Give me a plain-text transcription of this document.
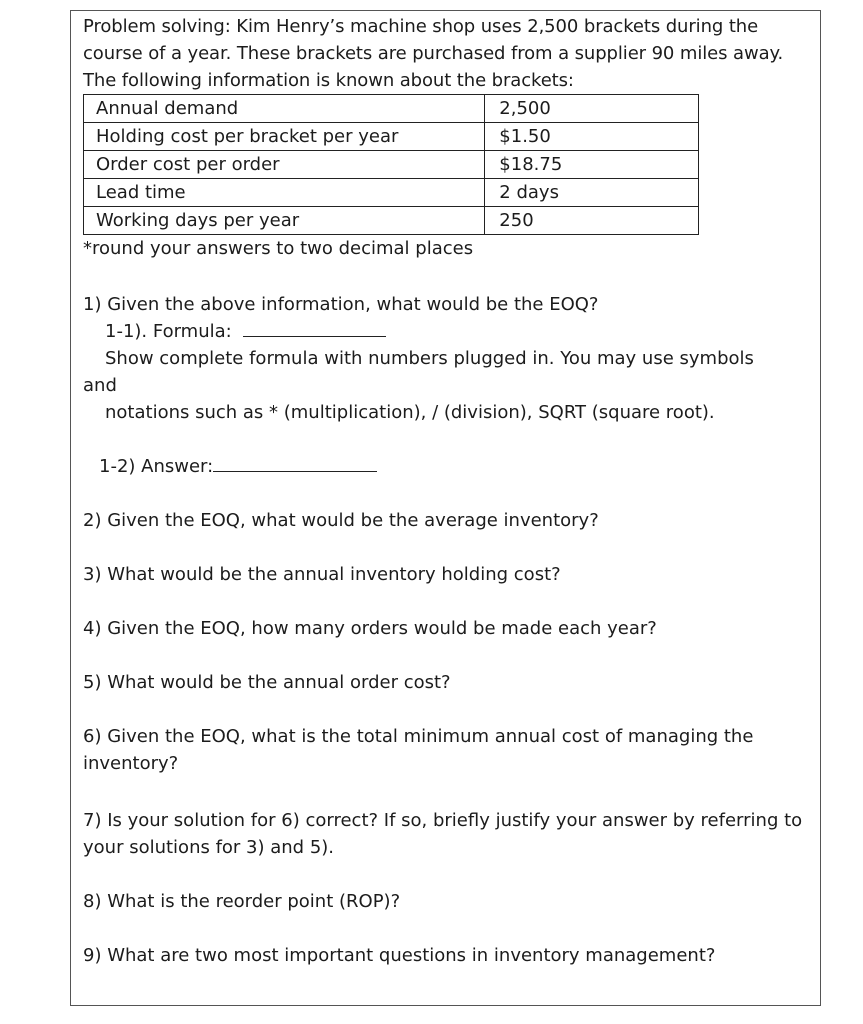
Problem solving: Kim Henry’s machine shop uses 2,500 brackets during the course of a year. These brackets are purchased from a supplier 90 miles away. The following information is known about the brackets:

Annual demand	2,500
Holding cost per bracket per year	$1.50
Order cost per order	$18.75
Lead time	2 days
Working days per year	250

*round your answers to two decimal places

1) Given the above information, what would be the EOQ?

1-1). Formula:

Show complete formula with numbers plugged in. You may use symbols

and

notations such as * (multiplication), / (division), SQRT (square root).

1-2) Answer:

2) Given the EOQ, what would be the average inventory?

3) What would be the annual inventory holding cost?

4) Given the EOQ, how many orders would be made each year?

5) What would be the annual order cost?

6) Given the EOQ, what is the total minimum annual cost of managing the inventory?

7) Is your solution for 6) correct? If so, briefly justify your answer by referring to your solutions for 3) and 5).

8) What is the reorder point (ROP)?

9) What are two most important questions in inventory management?
